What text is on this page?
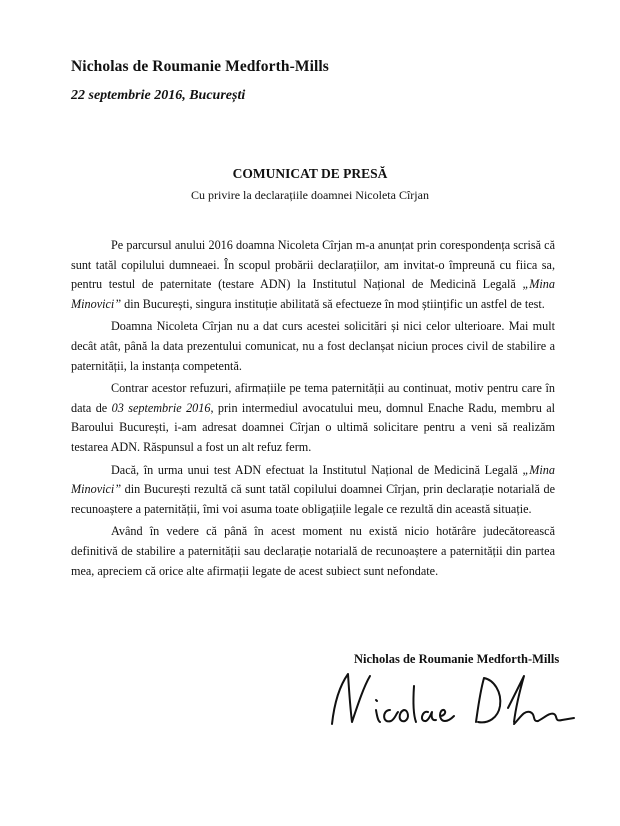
Nicholas de Roumanie Medforth-Mills
22 septembrie 2016, București
COMUNICAT DE PRESĂ
Cu privire la declarațiile doamnei Nicoleta Cîrjan

Pe parcursul anului 2016 doamna Nicoleta Cîrjan m-a anunțat prin corespondența scrisă că sunt tatăl copilului dumneaei. În scopul probării declarațiilor, am invitat-o împreună cu fiica sa, pentru testul de paternitate (testare ADN) la Institutul Național de Medicină Legală „Mina Minovici” din București, singura instituție abilitată să efectueze în mod științific un astfel de test.

Doamna Nicoleta Cîrjan nu a dat curs acestei solicitări și nici celor ulterioare. Mai mult decât atât, până la data prezentului comunicat, nu a fost declanșat niciun proces civil de stabilire a paternității, la instanța competentă.

Contrar acestor refuzuri, afirmațiile pe tema paternității au continuat, motiv pentru care în data de 03 septembrie 2016, prin intermediul avocatului meu, domnul Enache Radu, membru al Baroului București, i-am adresat doamnei Cîrjan o ultimă solicitare pentru a veni să realizăm testarea ADN. Răspunsul a fost un alt refuz ferm.

Dacă, în urma unui test ADN efectuat la Institutul Național de Medicină Legală „Mina Minovici” din București rezultă că sunt tatăl copilului doamnei Cîrjan, prin declarație notarială de recunoaștere a paternității, îmi voi asuma toate obligațiile legale ce rezultă din această situație.

Având în vedere că până în acest moment nu există nicio hotărâre judecătorească definitivă de stabilire a paternității sau declarație notarială de recunoaștere a paternității din partea mea, apreciem că orice alte afirmații legate de acest subiect sunt nefondate.

Nicholas de Roumanie Medforth-Mills
